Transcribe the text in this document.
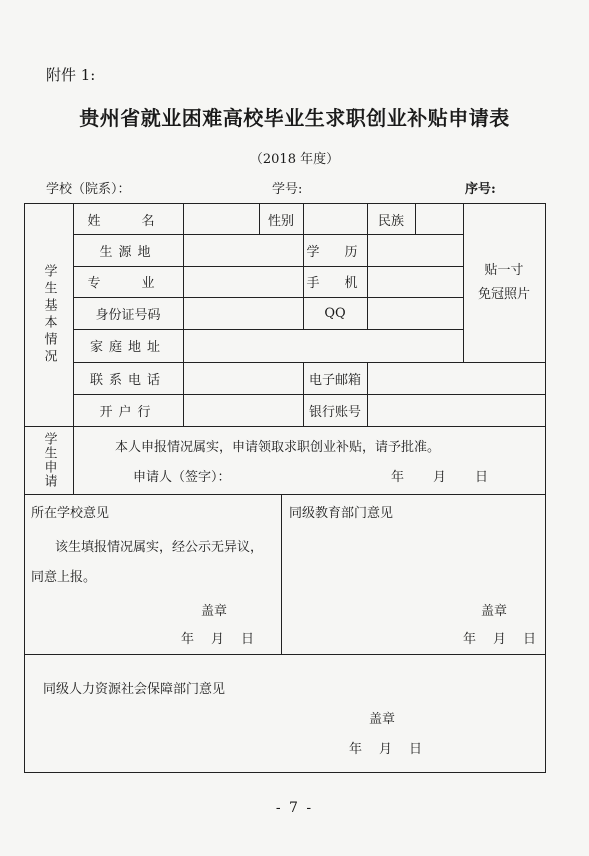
附件 1:
贵州省就业困难高校毕业生求职创业补贴申请表
（2018 年度）
学校（院系）：	学号:	序号:
学生基本情况
姓　名	性别	民族
贴一寸
免冠照片
生源地	学　历
专　业	手　机
身份证号码	QQ
家庭地址
联系电话	电子邮箱
开户行	银行账号
学生申请	本人申报情况属实，申请领取求职创业补贴，请予批准。
申请人（签字）：	年 月 日
所在学校意见
该生填报情况属实，经公示无异议，
同意上报。
盖章
年 月 日
同级教育部门意见
盖章
年 月 日
同级人力资源社会保障部门意见
盖章
年 月 日
- 7 -
